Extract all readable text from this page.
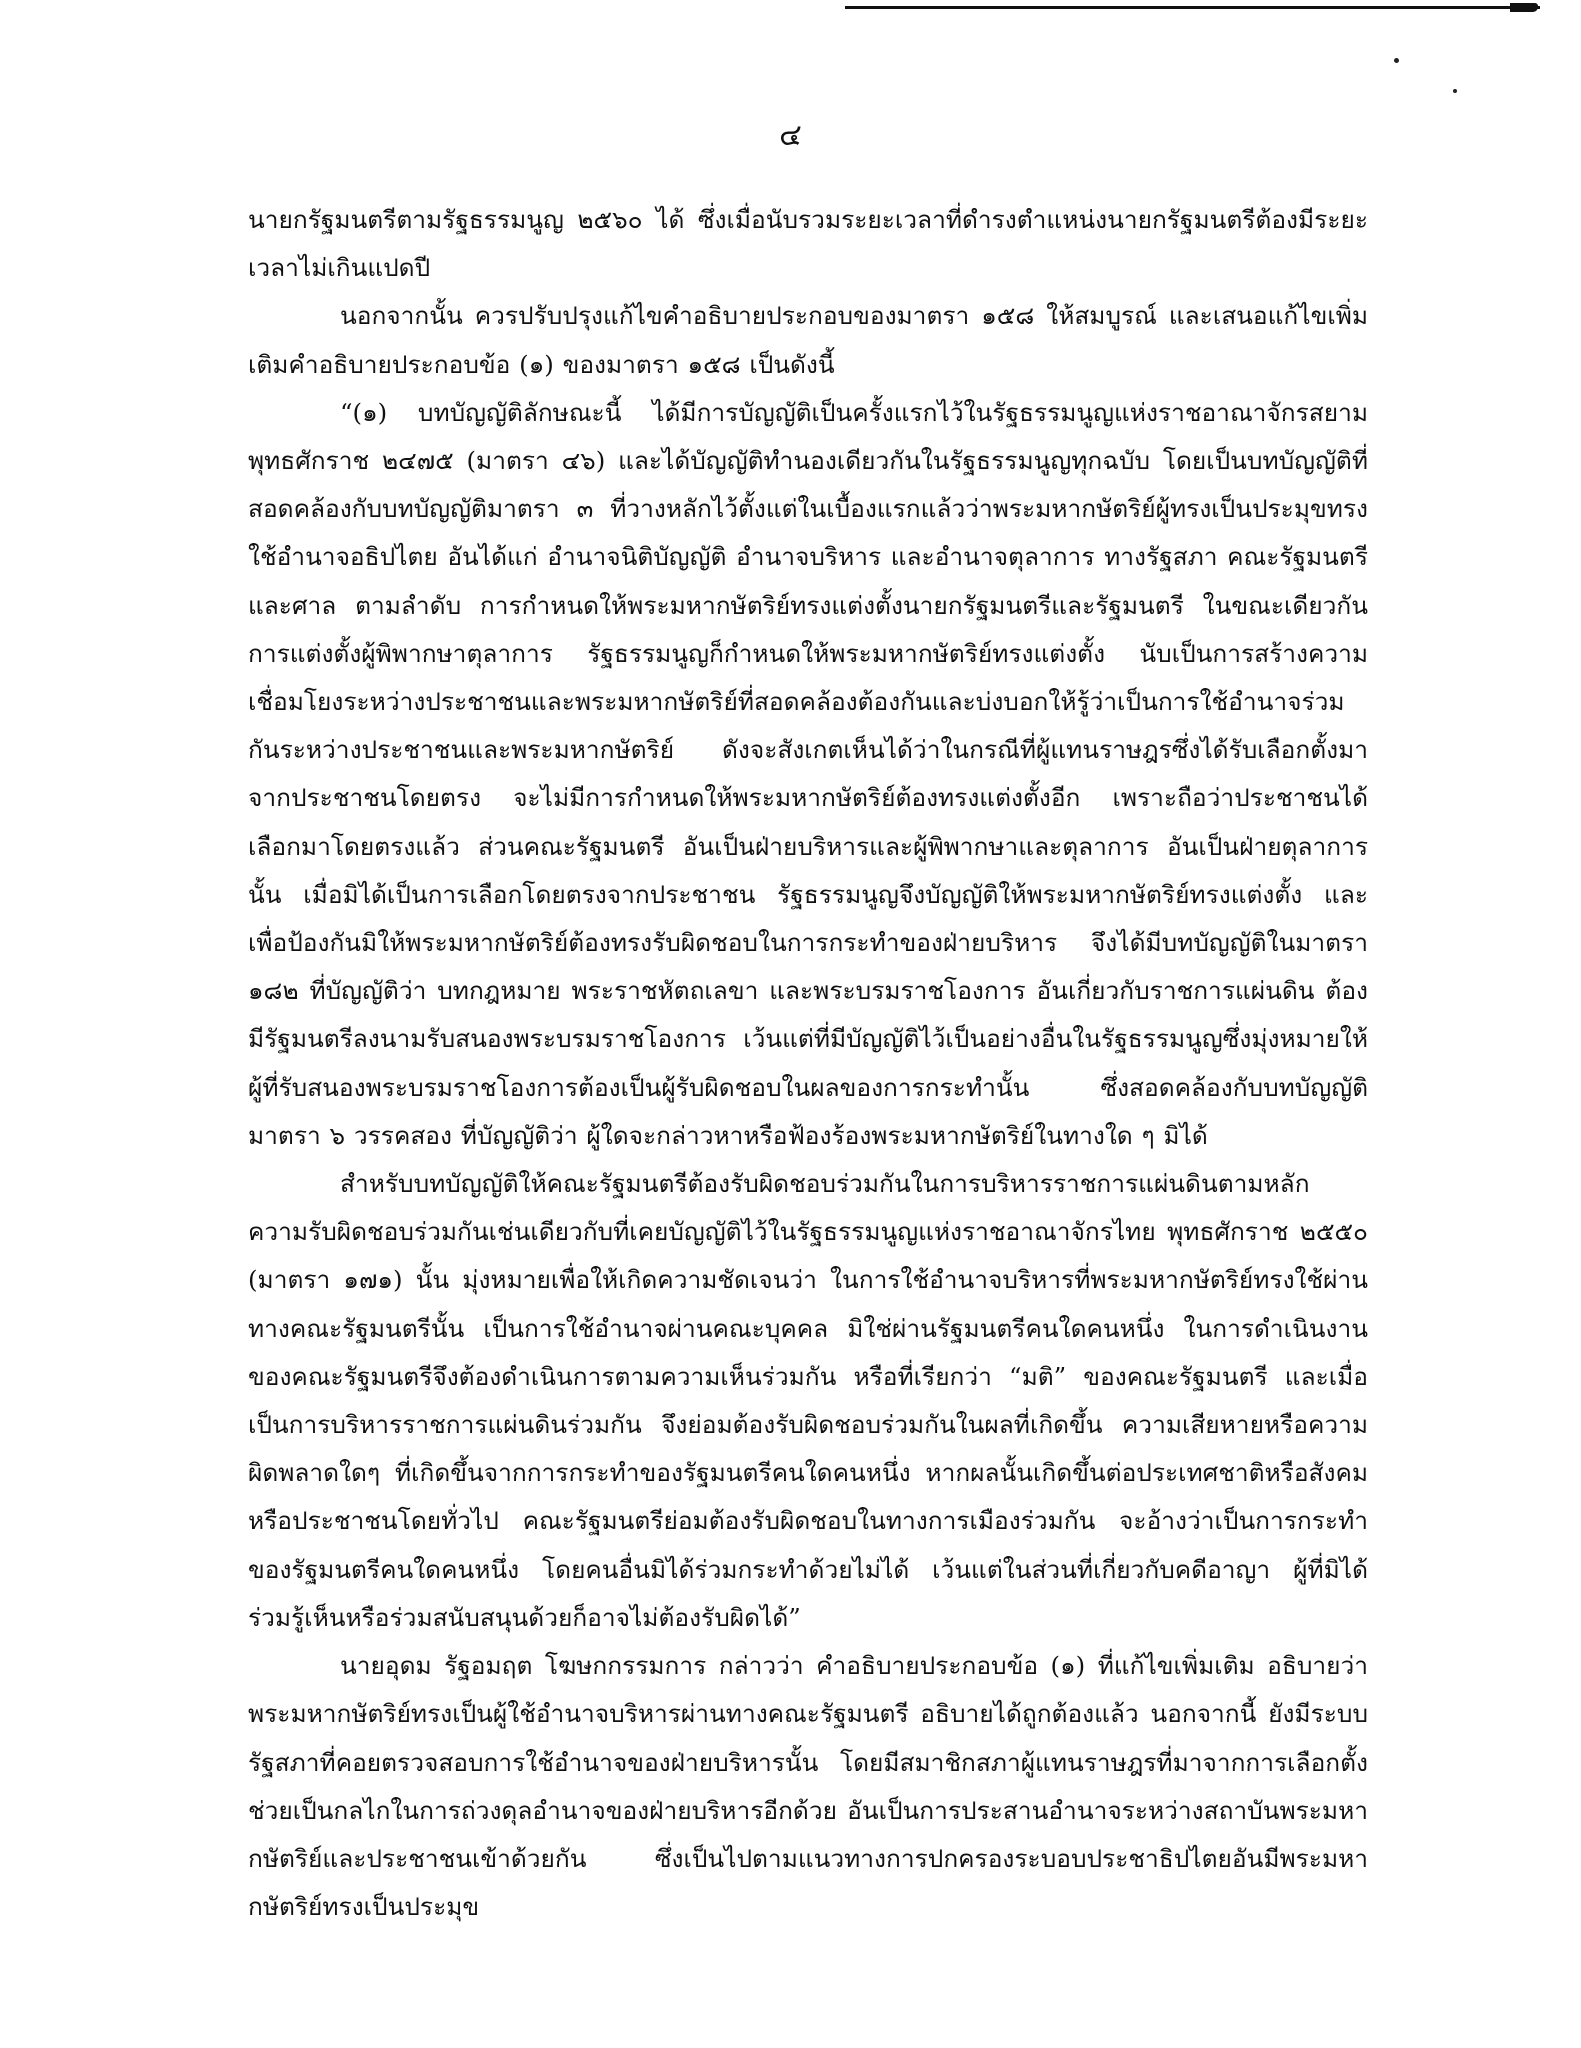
๔

นายกรัฐมนตรีตามรัฐธรรมนูญ ๒๕๖๐ ได้ ซึ่งเมื่อนับรวมระยะเวลาที่ดำรงตำแหน่งนายกรัฐมนตรีต้องมีระยะเวลาไม่เกินแปดปี

นอกจากนั้น ควรปรับปรุงแก้ไขคำอธิบายประกอบของมาตรา ๑๕๘ ให้สมบูรณ์ และเสนอแก้ไขเพิ่มเติมคำอธิบายประกอบข้อ (๑) ของมาตรา ๑๕๘ เป็นดังนี้

“(๑) บทบัญญัติลักษณะนี้ ได้มีการบัญญัติเป็นครั้งแรกไว้ในรัฐธรรมนูญแห่งราชอาณาจักรสยาม พุทธศักราช ๒๔๗๕ (มาตรา ๔๖) และได้บัญญัติทำนองเดียวกันในรัฐธรรมนูญทุกฉบับ โดยเป็นบทบัญญัติที่สอดคล้องกับบทบัญญัติมาตรา ๓ ที่วางหลักไว้ตั้งแต่ในเบื้องแรกแล้วว่าพระมหากษัตริย์ผู้ทรงเป็นประมุขทรงใช้อำนาจอธิปไตย อันได้แก่ อำนาจนิติบัญญัติ อำนาจบริหาร และอำนาจตุลาการ ทางรัฐสภา คณะรัฐมนตรี และศาล ตามลำดับ การกำหนดให้พระมหากษัตริย์ทรงแต่งตั้งนายกรัฐมนตรีและรัฐมนตรี ในขณะเดียวกันการแต่งตั้งผู้พิพากษาตุลาการ รัฐธรรมนูญก็กำหนดให้พระมหากษัตริย์ทรงแต่งตั้ง นับเป็นการสร้างความเชื่อมโยงระหว่างประชาชนและพระมหากษัตริย์ที่สอดคล้องต้องกันและบ่งบอกให้รู้ว่าเป็นการใช้อำนาจร่วมกันระหว่างประชาชนและพระมหากษัตริย์ ดังจะสังเกตเห็นได้ว่าในกรณีที่ผู้แทนราษฎรซึ่งได้รับเลือกตั้งมาจากประชาชนโดยตรง จะไม่มีการกำหนดให้พระมหากษัตริย์ต้องทรงแต่งตั้งอีก เพราะถือว่าประชาชนได้เลือกมาโดยตรงแล้ว ส่วนคณะรัฐมนตรี อันเป็นฝ่ายบริหารและผู้พิพากษาและตุลาการ อันเป็นฝ่ายตุลาการนั้น เมื่อมิได้เป็นการเลือกโดยตรงจากประชาชน รัฐธรรมนูญจึงบัญญัติให้พระมหากษัตริย์ทรงแต่งตั้ง และเพื่อป้องกันมิให้พระมหากษัตริย์ต้องทรงรับผิดชอบในการกระทำของฝ่ายบริหาร จึงได้มีบทบัญญัติในมาตรา ๑๘๒ ที่บัญญัติว่า บทกฎหมาย พระราชหัตถเลขา และพระบรมราชโองการ อันเกี่ยวกับราชการแผ่นดิน ต้องมีรัฐมนตรีลงนามรับสนองพระบรมราชโองการ เว้นแต่ที่มีบัญญัติไว้เป็นอย่างอื่นในรัฐธรรมนูญซึ่งมุ่งหมายให้ผู้ที่รับสนองพระบรมราชโองการต้องเป็นผู้รับผิดชอบในผลของการกระทำนั้น ซึ่งสอดคล้องกับบทบัญญัติมาตรา ๖ วรรคสอง ที่บัญญัติว่า ผู้ใดจะกล่าวหาหรือฟ้องร้องพระมหากษัตริย์ในทางใด ๆ มิได้

สำหรับบทบัญญัติให้คณะรัฐมนตรีต้องรับผิดชอบร่วมกันในการบริหารราชการแผ่นดินตามหลักความรับผิดชอบร่วมกันเช่นเดียวกับที่เคยบัญญัติไว้ในรัฐธรรมนูญแห่งราชอาณาจักรไทย พุทธศักราช ๒๕๕๐ (มาตรา ๑๗๑) นั้น มุ่งหมายเพื่อให้เกิดความชัดเจนว่า ในการใช้อำนาจบริหารที่พระมหากษัตริย์ทรงใช้ผ่านทางคณะรัฐมนตรีนั้น เป็นการใช้อำนาจผ่านคณะบุคคล มิใช่ผ่านรัฐมนตรีคนใดคนหนึ่ง ในการดำเนินงานของคณะรัฐมนตรีจึงต้องดำเนินการตามความเห็นร่วมกัน หรือที่เรียกว่า “มติ” ของคณะรัฐมนตรี และเมื่อเป็นการบริหารราชการแผ่นดินร่วมกัน จึงย่อมต้องรับผิดชอบร่วมกันในผลที่เกิดขึ้น ความเสียหายหรือความผิดพลาดใดๆ ที่เกิดขึ้นจากการกระทำของรัฐมนตรีคนใดคนหนึ่ง หากผลนั้นเกิดขึ้นต่อประเทศชาติหรือสังคมหรือประชาชนโดยทั่วไป คณะรัฐมนตรีย่อมต้องรับผิดชอบในทางการเมืองร่วมกัน จะอ้างว่าเป็นการกระทำของรัฐมนตรีคนใดคนหนึ่ง โดยคนอื่นมิได้ร่วมกระทำด้วยไม่ได้ เว้นแต่ในส่วนที่เกี่ยวกับคดีอาญา ผู้ที่มิได้ร่วมรู้เห็นหรือร่วมสนับสนุนด้วยก็อาจไม่ต้องรับผิดได้”

นายอุดม รัฐอมฤต โฆษกกรรมการ กล่าวว่า คำอธิบายประกอบข้อ (๑) ที่แก้ไขเพิ่มเติม อธิบายว่า พระมหากษัตริย์ทรงเป็นผู้ใช้อำนาจบริหารผ่านทางคณะรัฐมนตรี อธิบายได้ถูกต้องแล้ว นอกจากนี้ ยังมีระบบรัฐสภาที่คอยตรวจสอบการใช้อำนาจของฝ่ายบริหารนั้น โดยมีสมาชิกสภาผู้แทนราษฎรที่มาจากการเลือกตั้งช่วยเป็นกลไกในการถ่วงดุลอำนาจของฝ่ายบริหารอีกด้วย อันเป็นการประสานอำนาจระหว่างสถาบันพระมหากษัตริย์และประชาชนเข้าด้วยกัน ซึ่งเป็นไปตามแนวทางการปกครองระบอบประชาธิปไตยอันมีพระมหากษัตริย์ทรงเป็นประมุข
